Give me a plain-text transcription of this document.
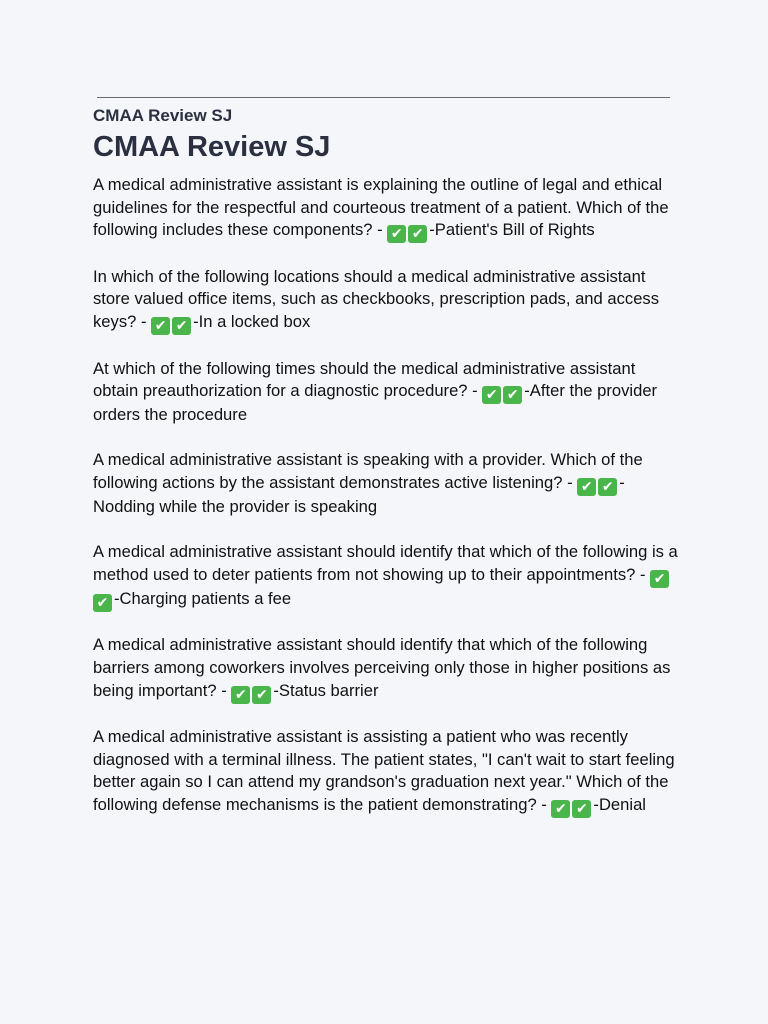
CMAA Review SJ
CMAA Review SJ

A medical administrative assistant is explaining the outline of legal and ethical guidelines for the respectful and courteous treatment of a patient. Which of the following includes these components? - ✔ ✔ -Patient's Bill of Rights

In which of the following locations should a medical administrative assistant store valued office items, such as checkbooks, prescription pads, and access keys? - ✔ ✔ -In a locked box

At which of the following times should the medical administrative assistant obtain preauthorization for a diagnostic procedure? - ✔ ✔ -After the provider orders the procedure

A medical administrative assistant is speaking with a provider. Which of the following actions by the assistant demonstrates active listening? - ✔ ✔ -Nodding while the provider is speaking

A medical administrative assistant should identify that which of the following is a method used to deter patients from not showing up to their appointments? - ✔✔ -Charging patients a fee

A medical administrative assistant should identify that which of the following barriers among coworkers involves perceiving only those in higher positions as being important? - ✔ ✔ -Status barrier

A medical administrative assistant is assisting a patient who was recently diagnosed with a terminal illness. The patient states, "I can't wait to start feeling better again so I can attend my grandson's graduation next year." Which of the following defense mechanisms is the patient demonstrating? - ✔ ✔ -Denial
